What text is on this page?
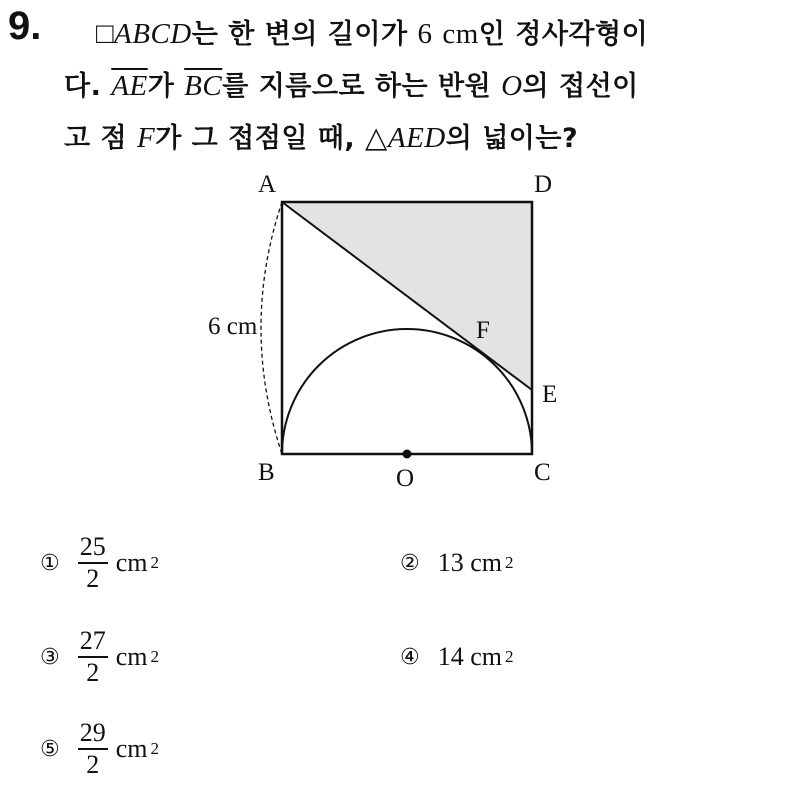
9. □ABCD는 한 변의 길이가 6 cm인 정사각형이
다. $\overline{AE}$가 $\overline{BC}$를 지름으로 하는 반원 O의 접선이
고 점 F가 그 접점일 때, △AED의 넓이는?
A	D
B	C
O
E
F
6 cm
① $\frac{25}{2}$ cm 2	② 13
cm 2
③ $\frac{27}{2}$ cm 2	④ 14
cm 2
⑤ $\frac{29}{2}$ cm 2
